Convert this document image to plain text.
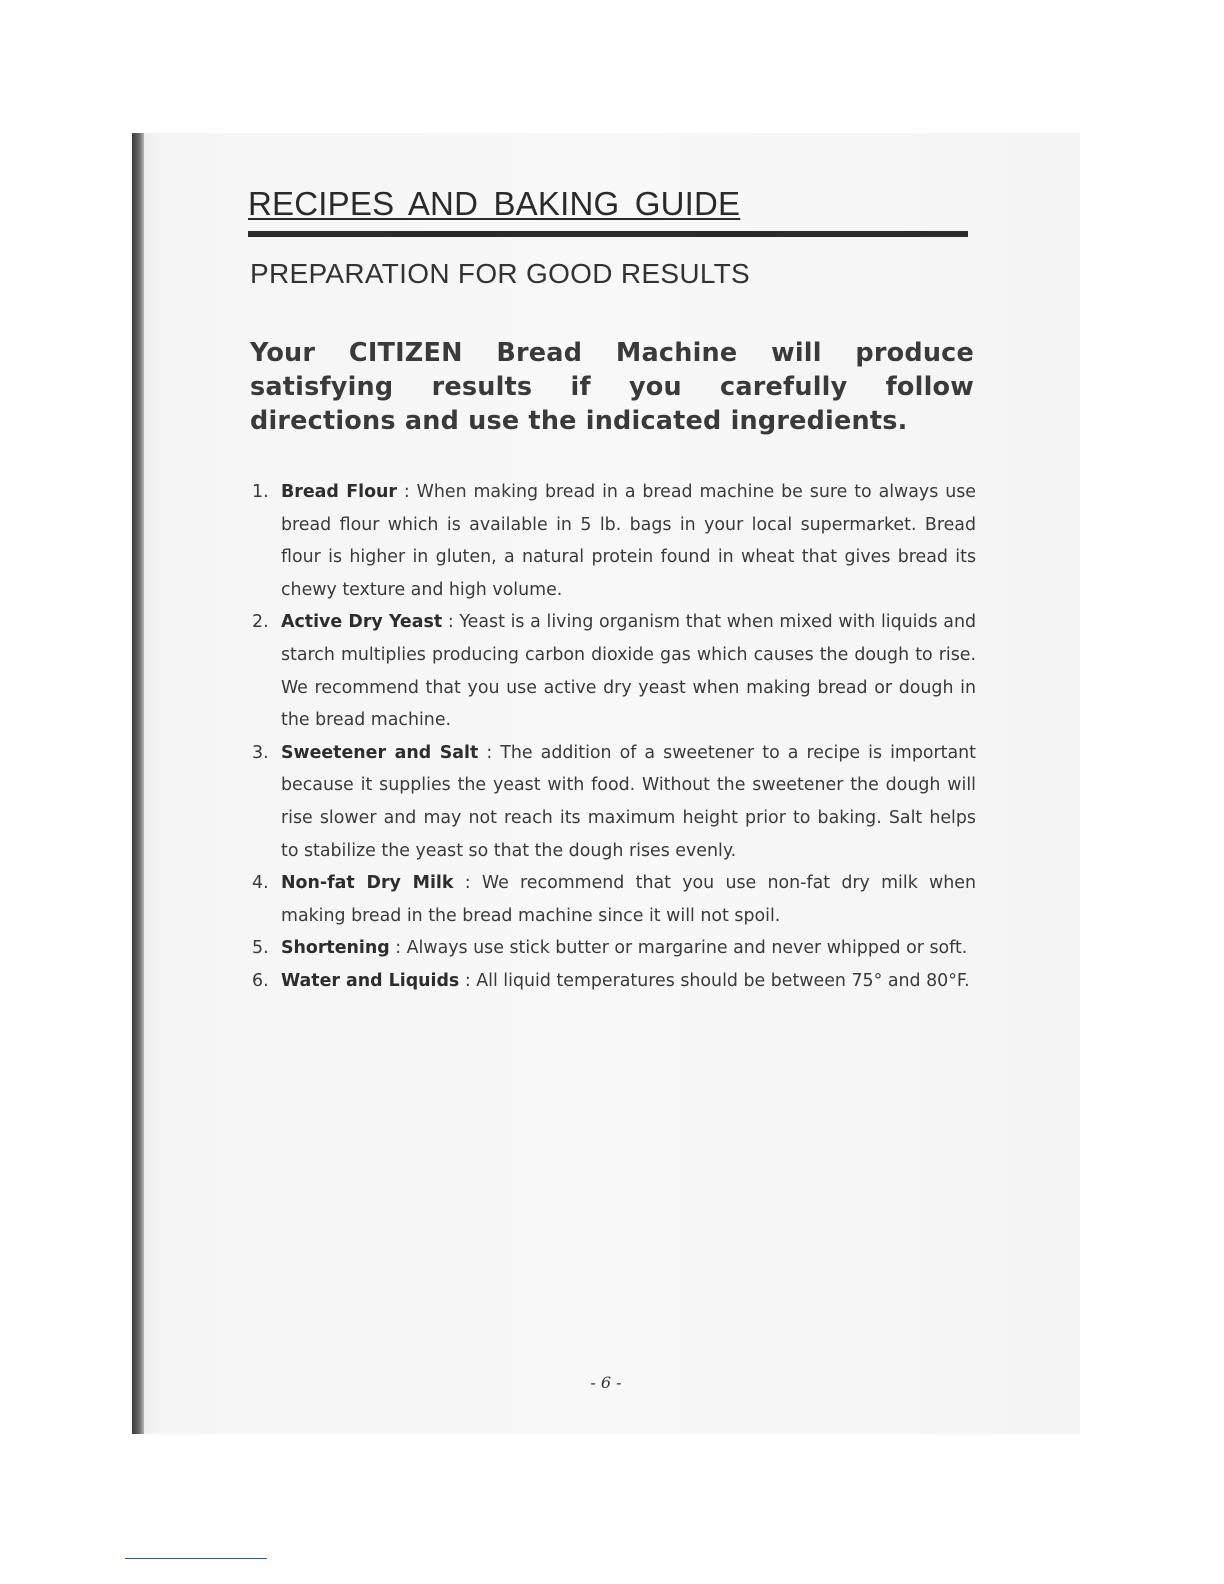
RECIPES AND BAKING GUIDE
PREPARATION FOR GOOD RESULTS
Your CITIZEN Bread Machine will produce satisfying results if you carefully follow directions and use the indicated ingredients.
1. Bread Flour : When making bread in a bread machine be sure to always use bread flour which is available in 5 lb. bags in your local supermarket. Bread flour is higher in gluten, a natural protein found in wheat that gives bread its chewy texture and high volume.
2. Active Dry Yeast : Yeast is a living organism that when mixed with liquids and starch multiplies producing carbon dioxide gas which causes the dough to rise. We recommend that you use active dry yeast when making bread or dough in the bread machine.
3. Sweetener and Salt : The addition of a sweetener to a recipe is important because it supplies the yeast with food. Without the sweetener the dough will rise slower and may not reach its maximum height prior to baking. Salt helps to stabilize the yeast so that the dough rises evenly.
4. Non-fat Dry Milk : We recommend that you use non-fat dry milk when making bread in the bread machine since it will not spoil.
5. Shortening : Always use stick butter or margarine and never whipped or soft.
6. Water and Liquids : All liquid temperatures should be between 75° and 80°F.
- 6 -
